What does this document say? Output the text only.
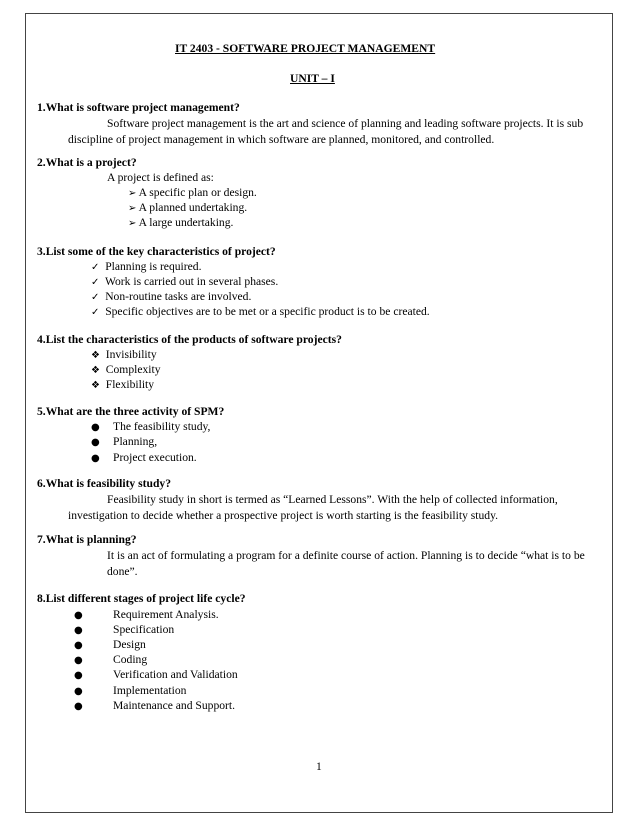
IT 2403 - SOFTWARE PROJECT MANAGEMENT
UNIT – I
1.What is software project management?
Software project management is the art and science of planning and leading software projects. It is sub discipline of project management in which software are planned, monitored, and controlled.
2.What is a project?
A project is defined as:
➢ A specific plan or design.
➢ A planned undertaking.
➢ A large undertaking.
3.List some of the key characteristics of project?
✓ Planning is required.
✓ Work is carried out in several phases.
✓ Non-routine tasks are involved.
✓ Specific objectives are to be met or a specific product is to be created.
4.List the characteristics of the products of software projects?
❖ Invisibility
❖ Complexity
❖ Flexibility
5.What are the three activity of SPM?
● The feasibility study,
● Planning,
● Project execution.
6.What is feasibility study?
Feasibility study in short is termed as “Learned Lessons”. With the help of collected information, investigation to decide whether a prospective project is worth starting is the feasibility study.
7.What is planning?
It is an act of formulating a program for a definite course of action. Planning is to decide “what is to be done”.
8.List different stages of project life cycle?
●	Requirement Analysis.
●	Specification
●	Design
●	Coding
●	Verification and Validation
●	Implementation
●	Maintenance and Support.
1
